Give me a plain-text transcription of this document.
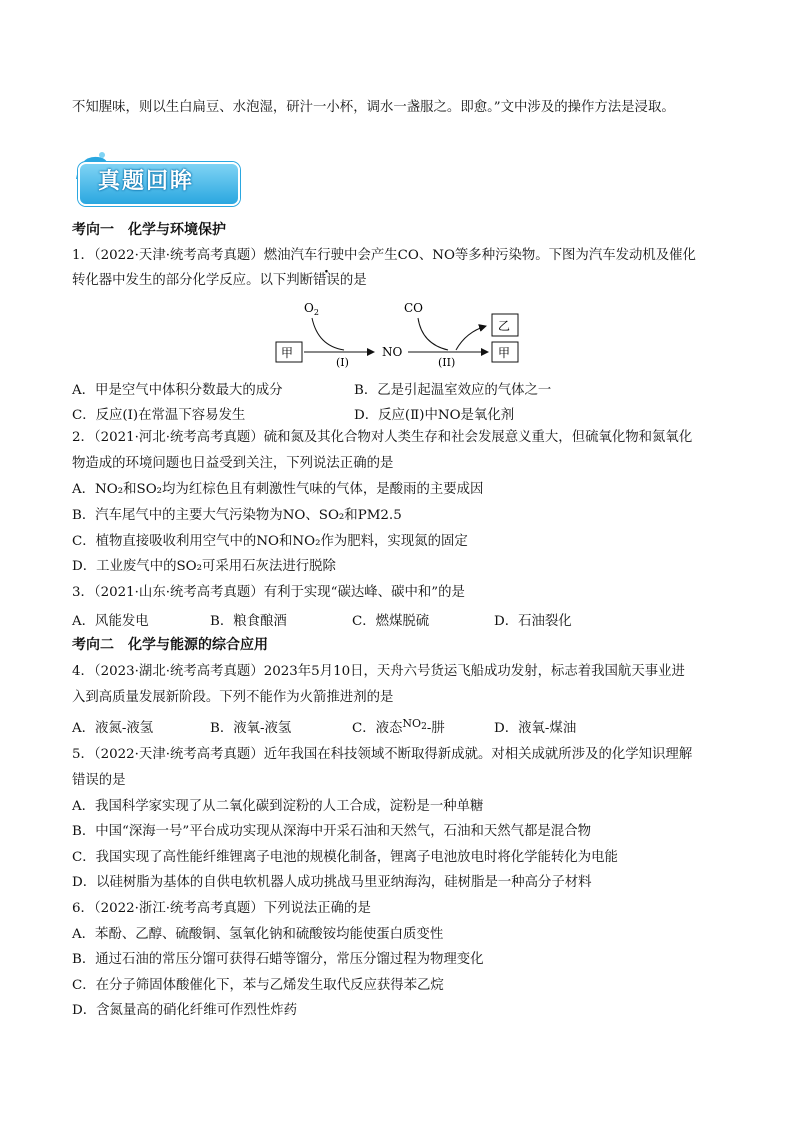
不知腥味，则以生白扁豆、水泡湿，研汁一小杯，调水一盏服之。即愈。”文中涉及的操作方法是浸取。
真题回眸
考向一　化学与环境保护
1．（2022·天津·统考高考真题）燃油汽车行驶中会产生CO、NO等多种污染物。下图为汽车发动机及催化
转化器中发生的部分化学反应。以下判断错误的是
$O_2$	CO
甲
(I)
NO
(II)
乙
甲
A．甲是空气中体积分数最大的成分	B．乙是引起温室效应的气体之一
C．反应(Ⅰ)在常温下容易发生	D．反应(Ⅱ)中NO是氧化剂
2．（2021·河北·统考高考真题）硫和氮及其化合物对人类生存和社会发展意义重大，但硫氧化物和氮氧化
物造成的环境问题也日益受到关注，下列说法正确的是
A．NO₂和SO₂均为红棕色且有刺激性气味的气体，是酸雨的主要成因
B．汽车尾气中的主要大气污染物为NO、SO₂和PM2.5
C．植物直接吸收利用空气中的NO和NO₂作为肥料，实现氮的固定
D．工业废气中的SO₂可采用石灰法进行脱除
3．（2021·山东·统考高考真题）有利于实现“碳达峰、碳中和”的是
A．风能发电	B．粮食酿酒	C．燃煤脱硫	D．石油裂化
考向二　化学与能源的综合应用
4．（2023·湖北·统考高考真题）2023年5月10日，天舟六号货运飞船成功发射，标志着我国航天事业进
入到高质量发展新阶段。下列不能作为火箭推进剂的是
A．液氮-液氢	B．液氧-液氢	C．液态$^{NO_2}$-肼	D．液氧-煤油
5．（2022·天津·统考高考真题）近年我国在科技领域不断取得新成就。对相关成就所涉及的化学知识理解
错误的是
A．我国科学家实现了从二氧化碳到淀粉的人工合成，淀粉是一种单糖
B．中国“深海一号”平台成功实现从深海中开采石油和天然气，石油和天然气都是混合物
C．我国实现了高性能纤维锂离子电池的规模化制备，锂离子电池放电时将化学能转化为电能
D．以硅树脂为基体的自供电软机器人成功挑战马里亚纳海沟，硅树脂是一种高分子材料
6．（2022·浙江·统考高考真题）下列说法正确的是
A．苯酚、乙醇、硫酸铜、氢氧化钠和硫酸铵均能使蛋白质变性
B．通过石油的常压分馏可获得石蜡等馏分，常压分馏过程为物理变化
C．在分子筛固体酸催化下，苯与乙烯发生取代反应获得苯乙烷
D．含氮量高的硝化纤维可作烈性炸药
